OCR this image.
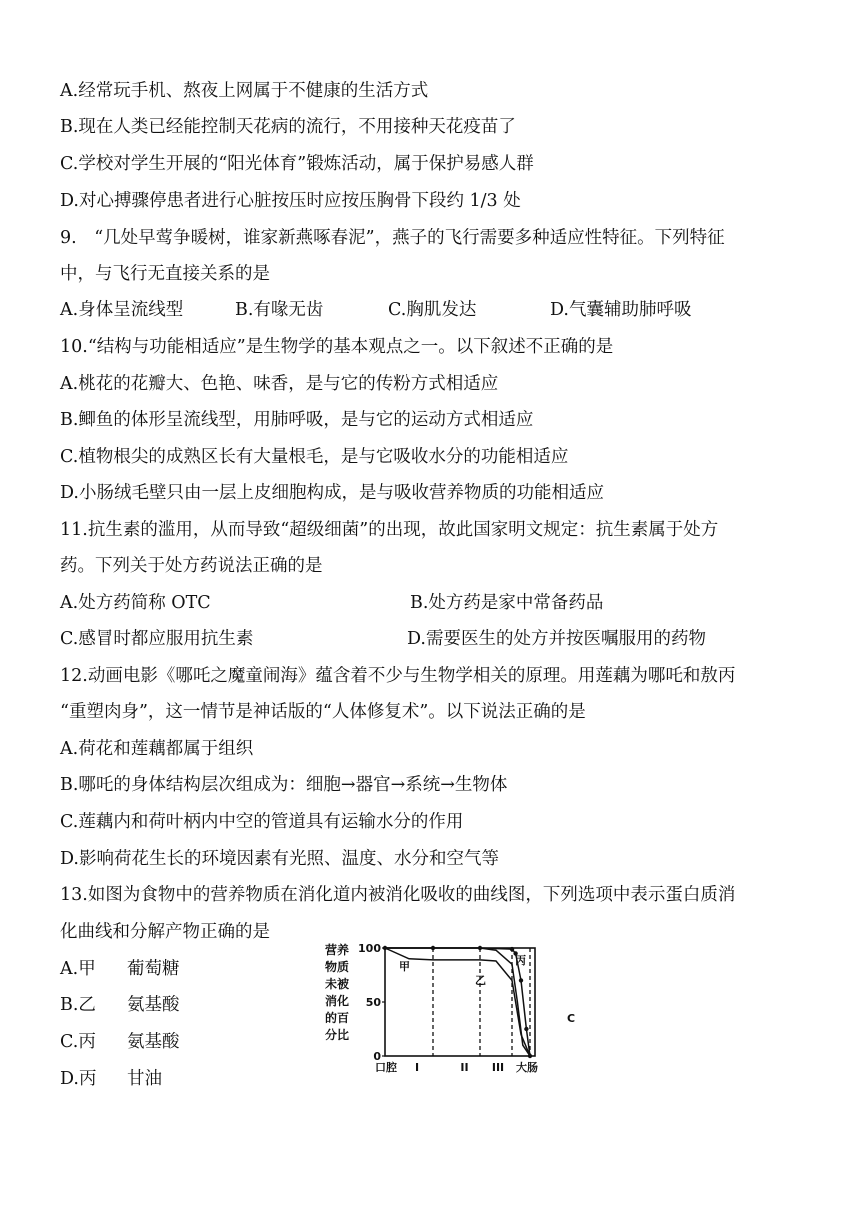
A.经常玩手机、熬夜上网属于不健康的生活方式
B.现在人类已经能控制天花病的流行，不用接种天花疫苗了
C.学校对学生开展的“阳光体育”锻炼活动，属于保护易感人群
D.对心搏骤停患者进行心脏按压时应按压胸骨下段约 1/3 处
9.　“几处早莺争暖树，谁家新燕啄春泥”，燕子的飞行需要多种适应性特征。下列特征
中，与飞行无直接关系的是
A.身体呈流线型	B.有喙无齿	C.胸肌发达	D.气囊辅助肺呼吸
10.“结构与功能相适应”是生物学的基本观点之一。以下叙述不正确的是
A.桃花的花瓣大、色艳、味香，是与它的传粉方式相适应
B.鲫鱼的体形呈流线型，用肺呼吸，是与它的运动方式相适应
C.植物根尖的成熟区长有大量根毛，是与它吸收水分的功能相适应
D.小肠绒毛壁只由一层上皮细胞构成，是与吸收营养物质的功能相适应
11.抗生素的滥用，从而导致“超级细菌”的出现，故此国家明文规定：抗生素属于处方
药。下列关于处方药说法正确的是
A.处方药简称 OTC	B.处方药是家中常备药品
C.感冒时都应服用抗生素	D.需要医生的处方并按医嘱服用的药物
12.动画电影《哪吒之魔童闹海》蕴含着不少与生物学相关的原理。用莲藕为哪吒和敖丙
“重塑肉身”，这一情节是神话版的“人体修复术”。以下说法正确的是
A.荷花和莲藕都属于组织
B.哪吒的身体结构层次组成为：细胞→器官→系统→生物体
C.莲藕内和荷叶柄内中空的管道具有运输水分的作用
D.影响荷花生长的环境因素有光照、温度、水分和空气等
13.如图为食物中的营养物质在消化道内被消化吸收的曲线图，下列选项中表示蛋白质消
化曲线和分解产物正确的是
A.甲 葡萄糖
B.乙 氨基酸
C.丙 氨基酸
D.丙 甘油
营养
物质
未被
消化
的百
分比
100
50
0
口腔 I	II III 大肠
C
甲
乙
丙
